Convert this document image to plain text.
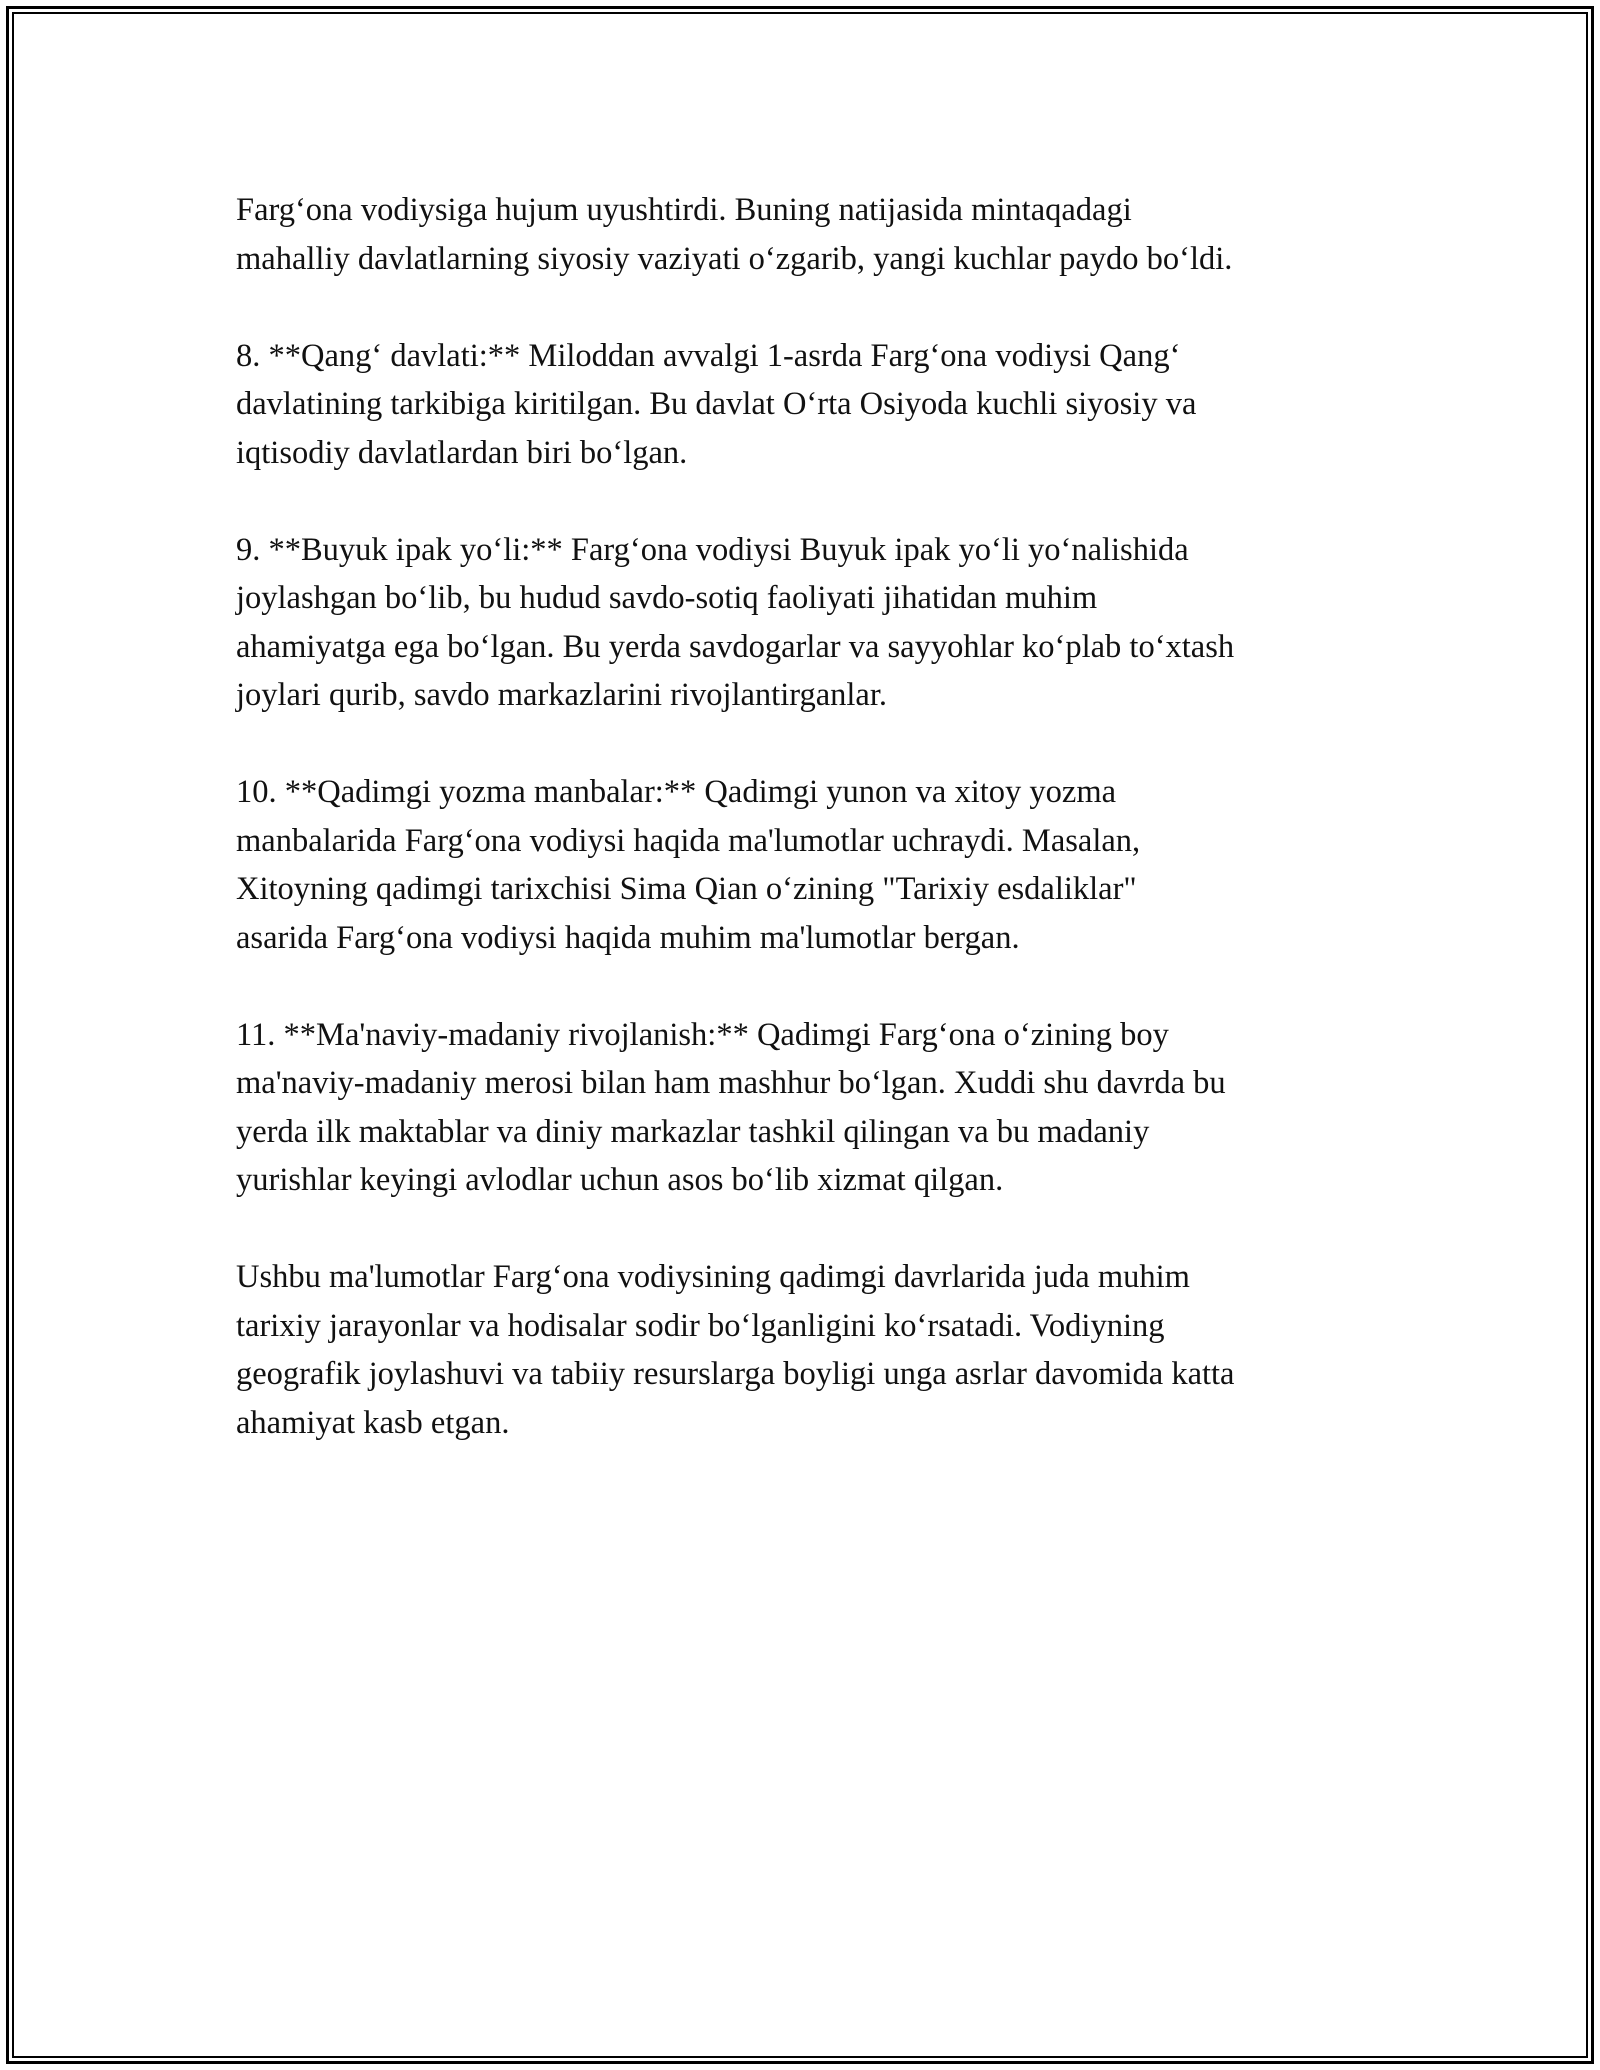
Farg‘ona vodiysiga hujum uyushtirdi. Buning natijasida mintaqadagi
mahalliy davlatlarning siyosiy vaziyati o‘zgarib, yangi kuchlar paydo bo‘ldi.

8. **Qang‘ davlati:** Miloddan avvalgi 1-asrda Farg‘ona vodiysi Qang‘
davlatining tarkibiga kiritilgan. Bu davlat O‘rta Osiyoda kuchli siyosiy va
iqtisodiy davlatlardan biri bo‘lgan.

9. **Buyuk ipak yo‘li:** Farg‘ona vodiysi Buyuk ipak yo‘li yo‘nalishida
joylashgan bo‘lib, bu hudud savdo-sotiq faoliyati jihatidan muhim
ahamiyatga ega bo‘lgan. Bu yerda savdogarlar va sayyohlar ko‘plab to‘xtash
joylari qurib, savdo markazlarini rivojlantirganlar.

10. **Qadimgi yozma manbalar:** Qadimgi yunon va xitoy yozma
manbalarida Farg‘ona vodiysi haqida ma'lumotlar uchraydi. Masalan,
Xitoyning qadimgi tarixchisi Sima Qian o‘zining "Tarixiy esdaliklar"
asarida Farg‘ona vodiysi haqida muhim ma'lumotlar bergan.

11. **Ma'naviy-madaniy rivojlanish:** Qadimgi Farg‘ona o‘zining boy
ma'naviy-madaniy merosi bilan ham mashhur bo‘lgan. Xuddi shu davrda bu
yerda ilk maktablar va diniy markazlar tashkil qilingan va bu madaniy
yurishlar keyingi avlodlar uchun asos bo‘lib xizmat qilgan.

Ushbu ma'lumotlar Farg‘ona vodiysining qadimgi davrlarida juda muhim
tarixiy jarayonlar va hodisalar sodir bo‘lganligini ko‘rsatadi. Vodiyning
geografik joylashuvi va tabiiy resurslarga boyligi unga asrlar davomida katta
ahamiyat kasb etgan.
